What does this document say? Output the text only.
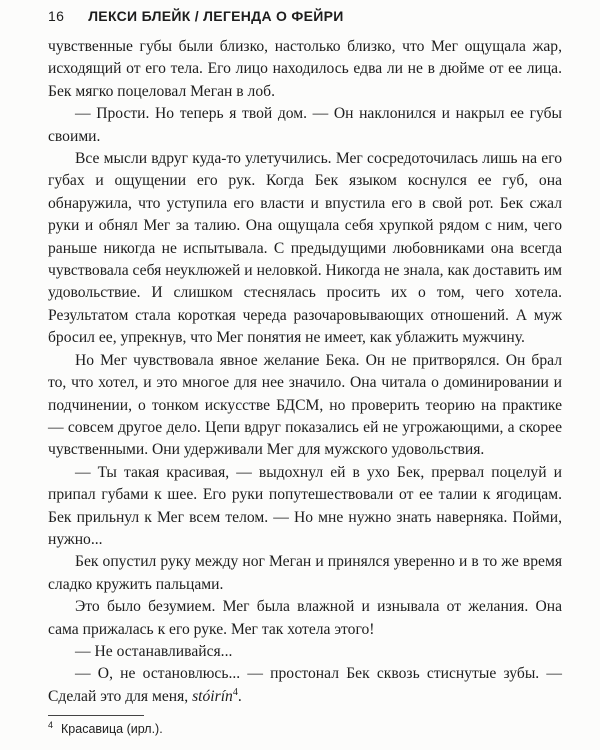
16 ЛЕКСИ БЛЕЙК / ЛЕГЕНДА О ФЕЙРИ

чувственные губы были близко, настолько близко, что Мег ощущала жар, исходящий от его тела. Его лицо находилось едва ли не в дюйме от ее лица. Бек мягко поцеловал Меган в лоб.

— Прости. Но теперь я твой дом. — Он наклонился и накрыл ее губы своими.

Все мысли вдруг куда-то улетучились. Мег сосредоточилась лишь на его губах и ощущении его рук. Когда Бек языком коснулся ее губ, она обнаружила, что уступила его власти и впустила его в свой рот. Бек сжал руки и обнял Мег за талию. Она ощущала себя хрупкой рядом с ним, чего раньше никогда не испытывала. С предыдущими любовниками она всегда чувствовала себя неуклюжей и неловкой. Никогда не знала, как доставить им удовольствие. И слишком стеснялась просить их о том, чего хотела. Результатом стала короткая череда разочаровывающих отношений. А муж бросил ее, упрекнув, что Мег понятия не имеет, как ублажить мужчину.

Но Мег чувствовала явное желание Бека. Он не притворялся. Он брал то, что хотел, и это многое для нее значило. Она читала о доминировании и подчинении, о тонком искусстве БДСМ, но проверить теорию на практике — совсем другое дело. Цепи вдруг показались ей не угрожающими, а скорее чувственными. Они удерживали Мег для мужского удовольствия.

— Ты такая красивая, — выдохнул ей в ухо Бек, прервал поцелуй и припал губами к шее. Его руки попутешествовали от ее талии к ягодицам. Бек прильнул к Мег всем телом. — Но мне нужно знать наверняка. Пойми, нужно...

Бек опустил руку между ног Меган и принялся уверенно и в то же время сладко кружить пальцами.

Это было безумием. Мег была влажной и изнывала от желания. Она сама прижалась к его руке. Мег так хотела этого!

— Не останавливайся...

— О, не остановлюсь... — простонал Бек сквозь стиснутые зубы. — Сделай это для меня, stóirín$^4$.

$^4$ Красавица (ирл.).
